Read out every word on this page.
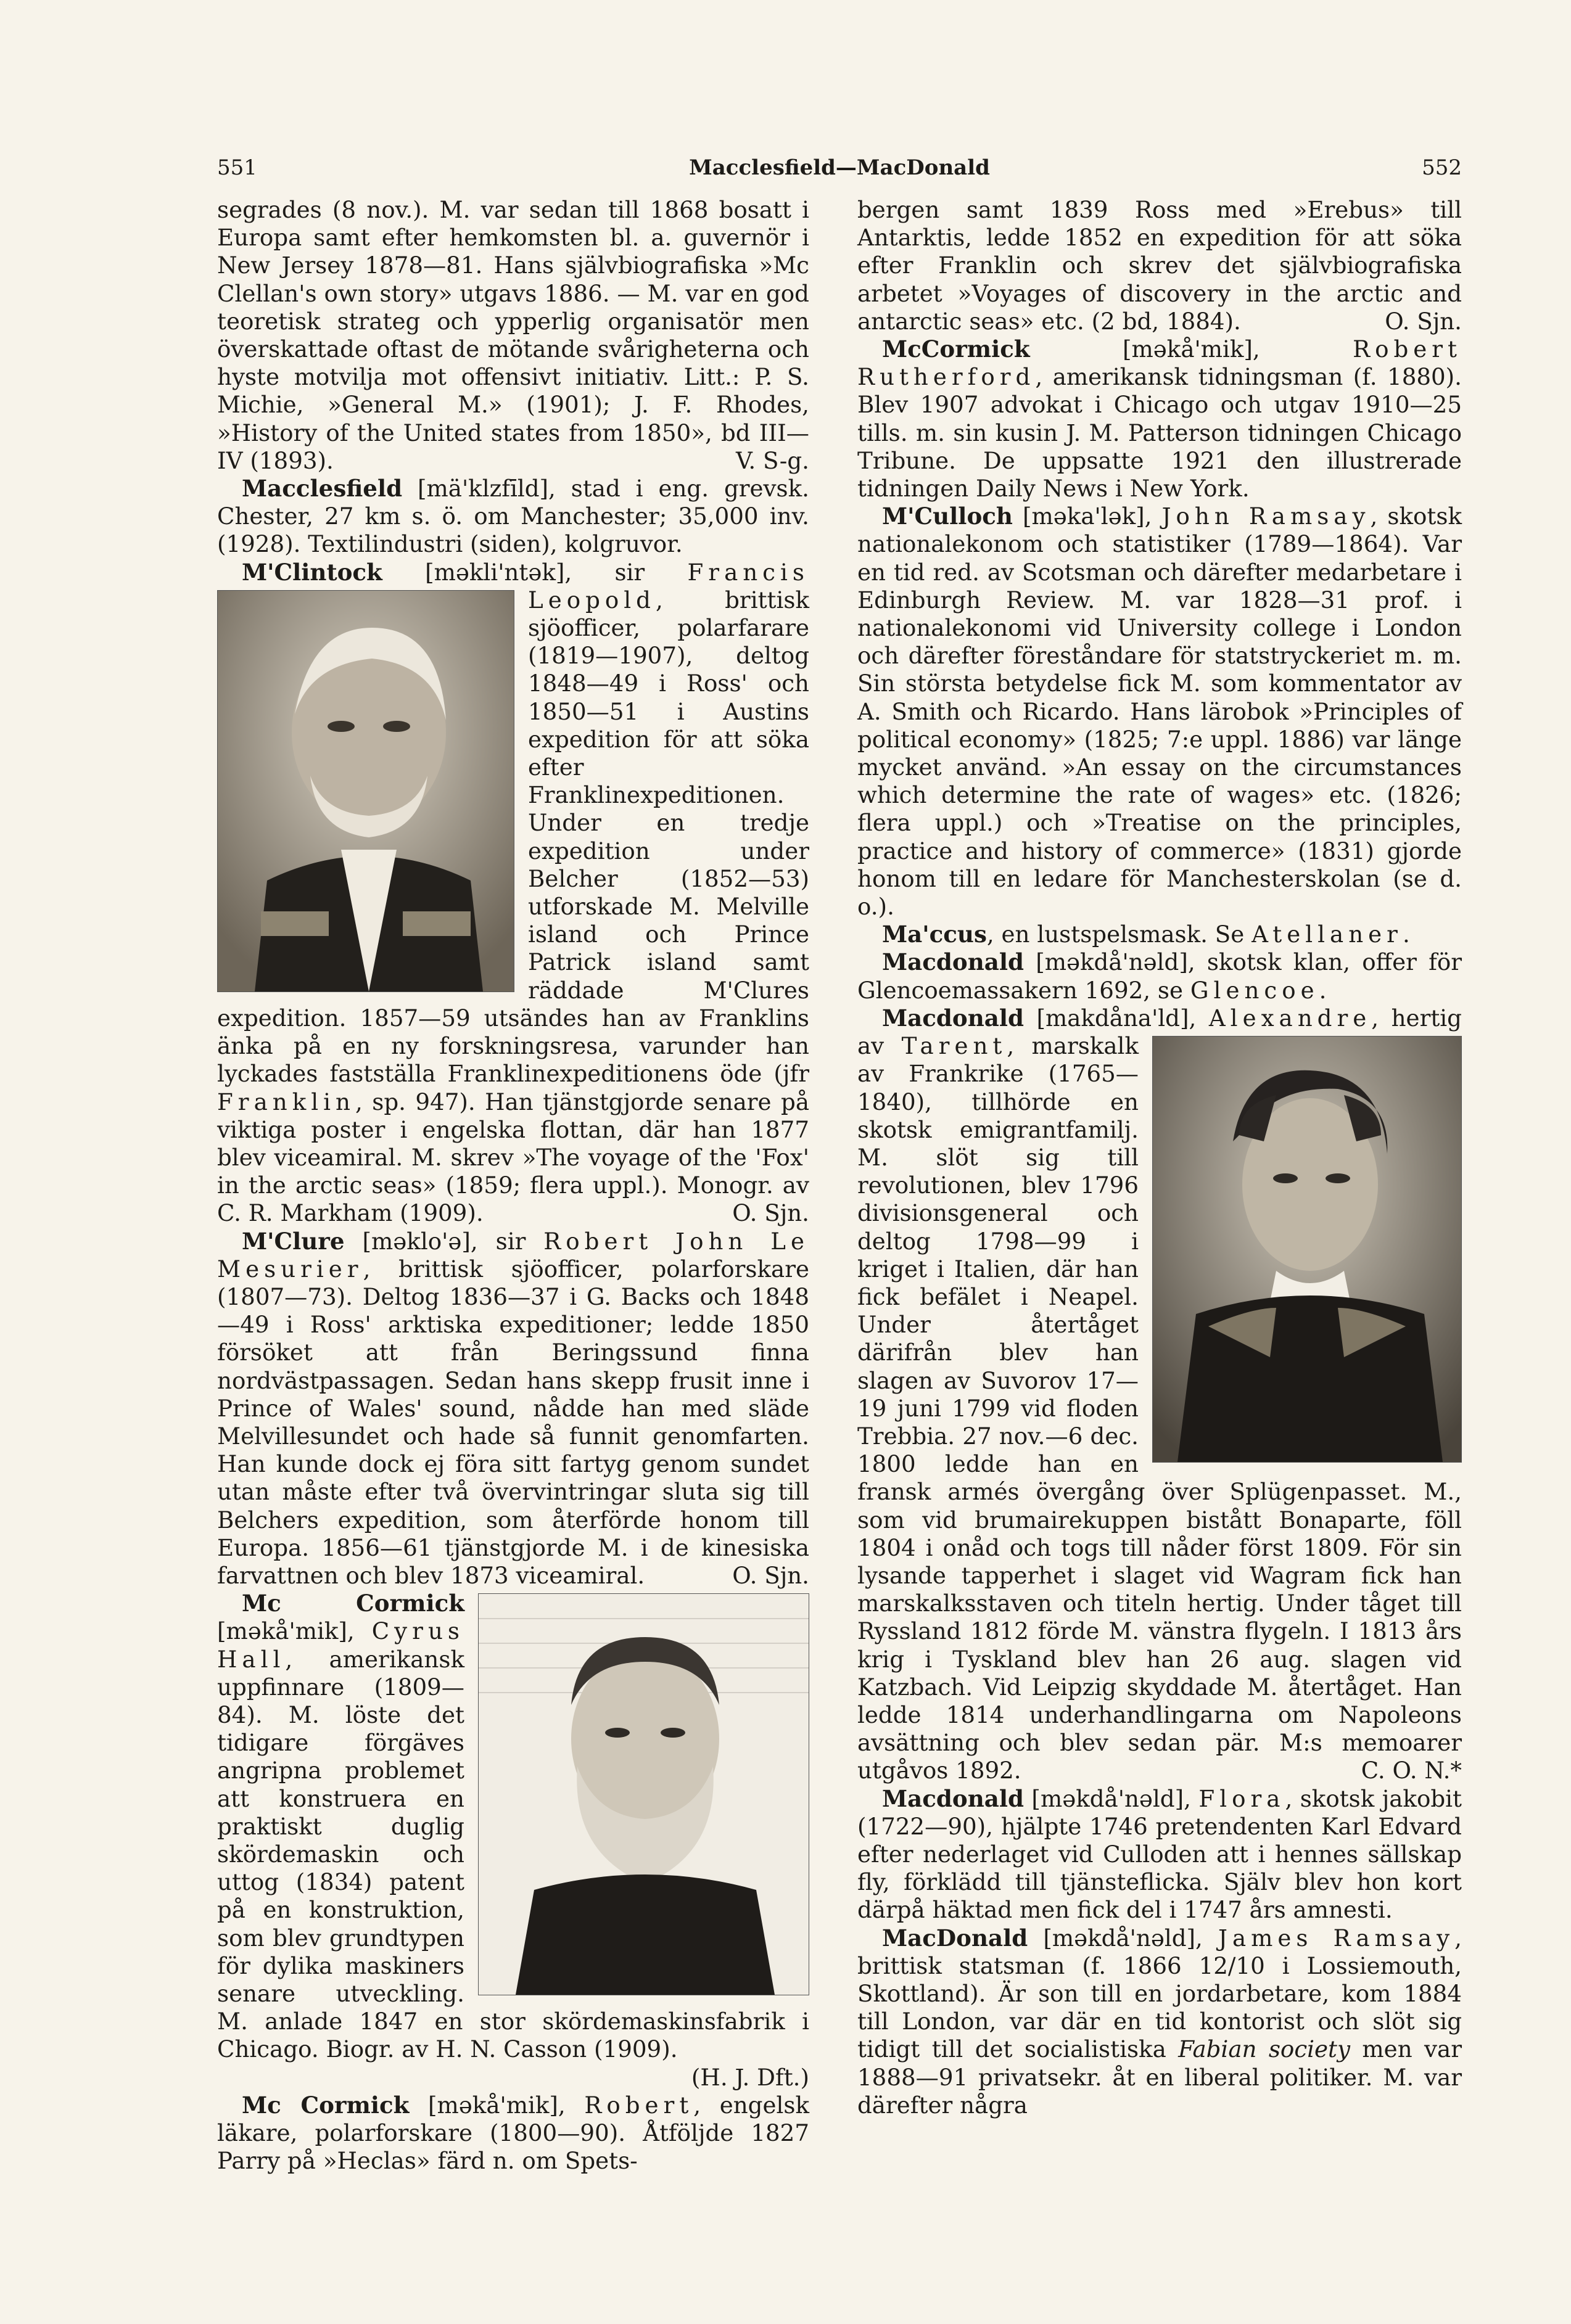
551	Macclesfield—MacDonald	552

segrades (8 nov.). M. var sedan till 1868 bosatt i Europa samt efter hemkomsten bl. a. guvernör i New Jersey 1878—81. Hans självbiografiska »Mc Clellan's own story» utgavs 1886. — M. var en god teoretisk strateg och ypperlig organisatör men överskattade oftast de mötande svårigheterna och hyste motvilja mot offensivt initiativ. Litt.: P. S. Michie, »General M.» (1901); J. F. Rhodes, »History of the United states from 1850», bd III—IV (1893).	V. S-g.

Macclesfield [mä'klzfīld], stad i eng. grevsk. Chester, 27 km s. ö. om Manchester; 35,000 inv. (1928). Textilindustri (siden), kolgruvor.

M'Clintock [məkli'ntək], sir Francis Leopold
, brittisk sjöofficer, polarfarare (1819—1907), deltog 1848—49 i Ross' och 1850—51 i Austins expedition för att söka efter Franklinexpeditionen. Under en tredje expedition under Belcher (1852—53) utforskade M. Melville island och Prince Patrick island samt räddade M'Clures expedition. 1857—59 utsändes han av Franklins änka på en ny forskningsresa, varunder han lyckades fastställa Franklinexpeditionens öde (jfr Franklin, sp. 947). Han tjänstgjorde senare på viktiga poster i engelska flottan, där han 1877 blev viceamiral. M. skrev »The voyage of the 'Fox' in the arctic seas» (1859; flera uppl.). Monogr. av C. R. Markham (1909).	O. Sjn.

M'Clure [məklo'ə], sir Robert John Le Mesurier, brittisk sjöofficer, polarforskare (1807—73). Deltog 1836—37 i G. Backs och 1848—49 i Ross' arktiska expeditioner; ledde 1850 försöket att från Beringssund finna nordvästpassagen. Sedan hans skepp frusit inne i Prince of Wales' sound, nådde han med släde Melvillesundet och hade så funnit genomfarten. Han kunde dock ej föra sitt fartyg genom sundet utan måste efter två övervintringar sluta sig till Belchers expedition, som återförde honom till Europa. 1856—61 tjänstgjorde M. i de kinesiska farvattnen och blev 1873 viceamiral.	O. Sjn.

Mc Cormick [məkå'mik], Cyrus Hall, amerikansk uppfinnare (1809—84). M. löste det tidigare förgäves angripna problemet att konstruera en praktiskt duglig skördemaskin och uttog (1834) patent på en konstruktion, som blev grundtypen för dylika maskiners senare utveckling. M. anlade 1847 en stor skördemaskinsfabrik i Chicago. Biogr. av H. N. Casson (1909).
(H. J. Dft.)

Mc Cormick [məkå'mik], Robert, engelsk läkare, polarforskare (1800—90). Åtföljde 1827 Parry på »Heclas» färd n. om Spets-

bergen samt 1839 Ross med »Erebus» till Antarktis, ledde 1852 en expedition för att söka efter Franklin och skrev det självbiografiska arbetet »Voyages of discovery in the arctic and antarctic seas» etc. (2 bd, 1884).	O. Sjn.

McCormick [məkå'mik], Robert Rutherford, amerikansk tidningsman (f. 1880). Blev 1907 advokat i Chicago och utgav 1910—25 tills. m. sin kusin J. M. Patterson tidningen Chicago Tribune. De uppsatte 1921 den illustrerade tidningen Daily News i New York.

M'Culloch [məka'lək], John Ramsay, skotsk nationalekonom och statistiker (1789—1864). Var en tid red. av Scotsman och därefter medarbetare i Edinburgh Review. M. var 1828—31 prof. i nationalekonomi vid University college i London och därefter föreståndare för statstryckeriet m. m. Sin största betydelse fick M. som kommentator av A. Smith och Ricardo. Hans lärobok »Principles of political economy» (1825; 7:e uppl. 1886) var länge mycket använd. »An essay on the circumstances which determine the rate of wages» etc. (1826; flera uppl.) och »Treatise on the principles, practice and history of commerce» (1831) gjorde honom till en ledare för Manchesterskolan (se d. o.).

Ma'ccus, en lustspelsmask. Se Atellaner.

Macdonald [məkdå'nəld], skotsk klan, offer för Glencoemassakern 1692, se Glencoe.

Macdonald [makdåna'ld], Alexandre, hertig av Tarent
, marskalk av Frankrike (1765—1840), tillhörde en skotsk emigrantfamilj. M. slöt sig till revolutionen, blev 1796 divisionsgeneral och deltog 1798—99 i kriget i Italien, där han fick befälet i Neapel. Under återtåget därifrån blev han slagen av Suvorov 17—19 juni 1799 vid floden Trebbia. 27 nov.—6 dec. 1800 ledde han en fransk armés övergång över Splügenpasset. M., som vid brumairekuppen bistått Bonaparte, föll 1804 i onåd och togs till nåder först 1809. För sin lysande tapperhet i slaget vid Wagram fick han marskalksstaven och titeln hertig. Under tåget till Ryssland 1812 förde M. vänstra flygeln. I 1813 års krig i Tyskland blev han 26 aug. slagen vid Katzbach. Vid Leipzig skyddade M. återtåget. Han ledde 1814 underhandlingarna om Napoleons avsättning och blev sedan pär. M:s memoarer utgåvos 1892.	C. O. N.*

Macdonald [məkdå'nəld], Flora, skotsk jakobit (1722—90), hjälpte 1746 pretendenten Karl Edvard efter nederlaget vid Culloden att i hennes sällskap fly, förklädd till tjänsteflicka. Själv blev hon kort därpå häktad men fick del i 1747 års amnesti.

MacDonald [məkdå'nəld], James Ramsay, brittisk statsman (f. 1866 12/10 i Lossiemouth, Skottland). Är son till en jordarbetare, kom 1884 till London, var där en tid kontorist och slöt sig tidigt till det socialistiska Fabian society men var 1888—91 privatsekr. åt en liberal politiker. M. var därefter några
